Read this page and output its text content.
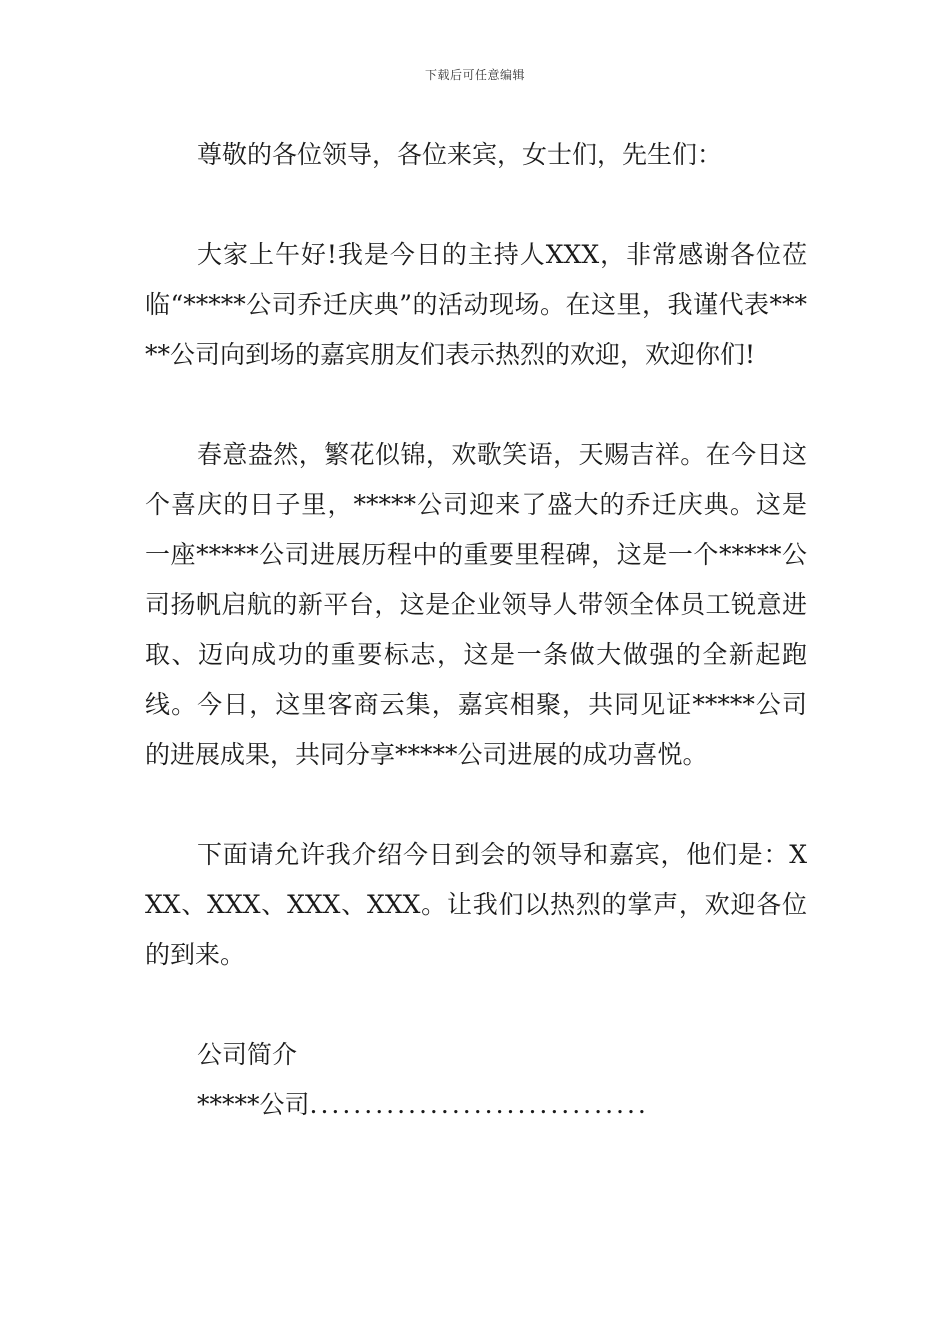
下载后可任意编辑

尊敬的各位领导，各位来宾，女士们，先生们：

大家上午好!我是今日的主持人XXX，非常感谢各位莅临“*****公司乔迁庆典”的活动现场。在这里，我谨代表*****公司向到场的嘉宾朋友们表示热烈的欢迎，欢迎你们!

春意盎然，繁花似锦，欢歌笑语，天赐吉祥。在今日这个喜庆的日子里，*****公司迎来了盛大的乔迁庆典。这是一座*****公司进展历程中的重要里程碑，这是一个*****公司扬帆启航的新平台，这是企业领导人带领全体员工锐意进取、迈向成功的重要标志，这是一条做大做强的全新起跑线。今日，这里客商云集，嘉宾相聚，共同见证*****公司的进展成果，共同分享*****公司进展的成功喜悦。

下面请允许我介绍今日到会的领导和嘉宾，他们是：XXX、XXX、XXX、XXX。让我们以热烈的掌声，欢迎各位的到来。

公司简介

*****公司...............................
